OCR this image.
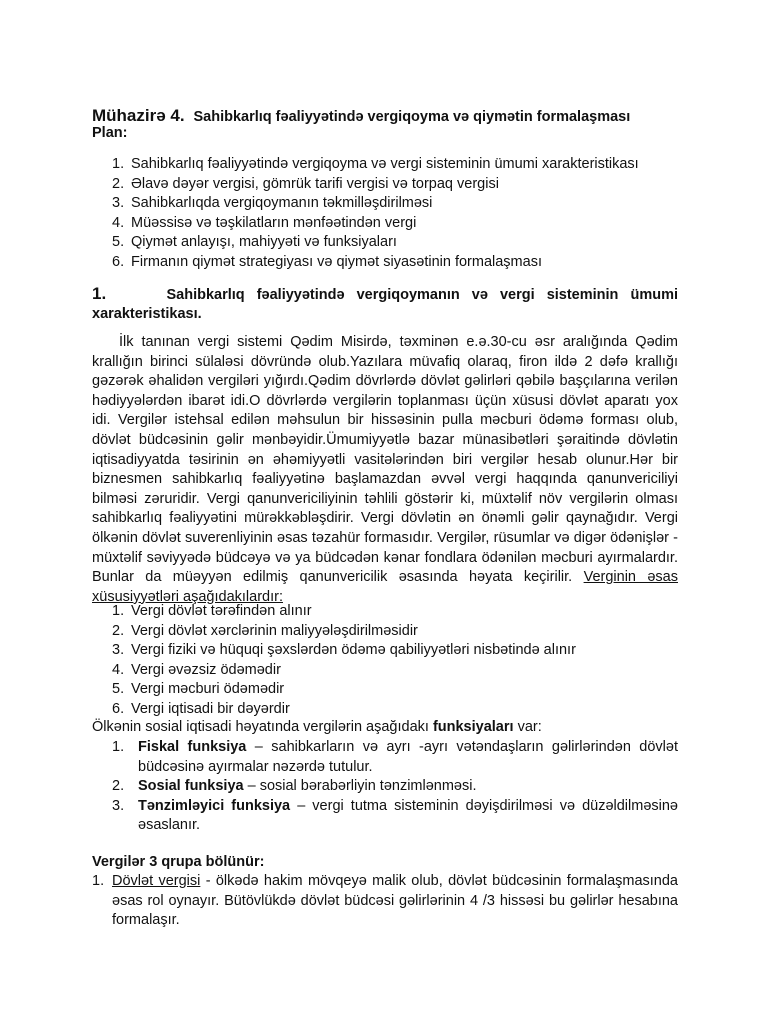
Mühazirə 4. Sahibkarlıq fəaliyyətində vergiqoyma və qiymətin formalaşması
Plan:
1. Sahibkarlıq fəaliyyətində vergiqoyma və vergi sisteminin ümumi xarakteristikası
2. Əlavə dəyər vergisi, gömrük tarifi vergisi və torpaq vergisi
3. Sahibkarlıqda vergiqoymanın təkmilləşdirilməsi
4. Müəssisə və təşkilatların mənfəətindən vergi
5. Qiymət anlayışı, mahiyyəti və funksiyaları
6. Firmanın qiymət strategiyası və qiymət siyasətinin formalaşması
1.	Sahibkarlıq fəaliyyətində vergiqoymanın və vergi sisteminin ümumi xarakteristikası.

İlk tanınan vergi sistemi Qədim Misirdə, təxminən e.ə.30-cu əsr aralığında Qədim krallığın birinci sülaləsi dövründə olub.Yazılara müvafiq olaraq, firon ildə 2 dəfə krallığı gəzərək əhalidən vergiləri yığırdı.Qədim dövrlərdə dövlət gəlirləri qəbilə başçılarına verilən hədiyyələrdən ibarət idi.O dövrlərdə vergilərin toplanması üçün xüsusi dövlət aparatı yox idi. Vergilər istehsal edilən məhsulun bir hissəsinin pulla məcburi ödəmə forması olub, dövlət büdcəsinin gəlir mənbəyidir.Ümumiyyətlə bazar münasibətləri şəraitində dövlətin iqtisadiyyatda təsirinin ən əhəmiyyətli vasitələrindən biri vergilər hesab olunur.Hər bir biznesmen sahibkarlıq fəaliyyətinə başlamazdan əvvəl vergi haqqında qanunvericiliyi bilməsi zəruridir. Vergi qanunvericiliyinin təhlili göstərir ki, müxtəlif növ vergilərin olması sahibkarlıq fəaliyyətini mürəkkəbləşdirir. Vergi dövlətin ən önəmli gəlir qaynağıdır. Vergi ölkənin dövlət suverenliyinin əsas təzahür formasıdır. Vergilər, rüsumlar və digər ödənişlər -müxtəlif səviyyədə büdcəyə və ya büdcədən kənar fondlara ödənilən məcburi ayırmalardır. Bunlar da müəyyən edilmiş qanunvericilik əsasında həyata keçirilir. Verginin əsas xüsusiyyətləri aşağıdakılardır:

1. Vergi dövlət tərəfindən alınır
2. Vergi dövlət xərclərinin maliyyələşdirilməsidir
3. Vergi fiziki və hüquqi şəxslərdən ödəmə qabiliyyətləri nisbətində alınır
4. Vergi əvəzsiz ödəmədir
5. Vergi məcburi ödəmədir
6. Vergi iqtisadi bir dəyərdir

Ölkənin sosial iqtisadi həyatında vergilərin aşağıdakı funksiyaları var:

1. Fiskal funksiya – sahibkarların və ayrı -ayrı vətəndaşların gəlirlərindən dövlət büdcəsinə ayırmalar nəzərdə tutulur.
2. Sosial funksiya – sosial bərabərliyin tənzimlənməsi.
3. Tənzimləyici funksiya – vergi tutma sisteminin dəyişdirilməsi və düzəldilməsinə əsaslanır.
Vergilər 3 qrupa bölünür:
1. Dövlət vergisi - ölkədə hakim mövqeyə malik olub, dövlət büdcəsinin formalaşmasında əsas rol oynayır. Bütövlükdə dövlət büdcəsi gəlirlərinin 4 /3 hissəsi bu gəlirlər hesabına formalaşır.
